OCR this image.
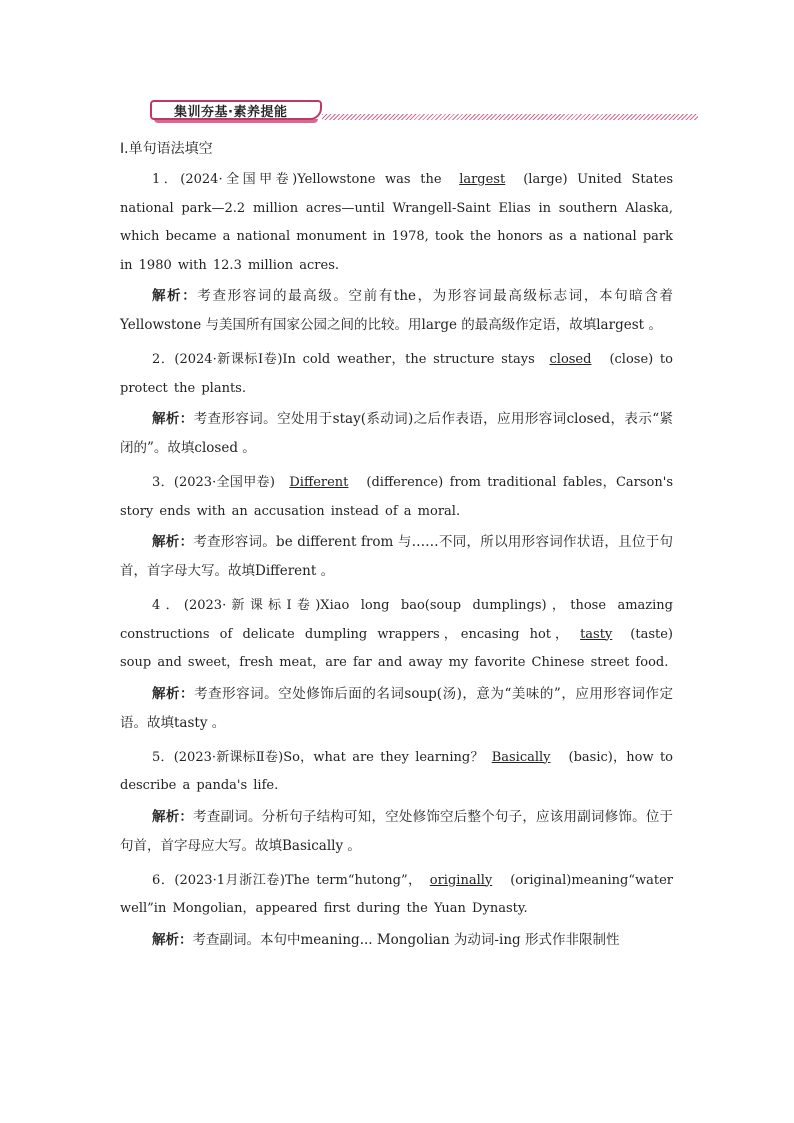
集训夯基·素养提能

Ⅰ.单句语法填空

1．(2024·全国甲卷)Yellowstone was the largest (large) United States national park—2.2 million acres—until Wrangell-Saint Elias in southern Alaska, which became a national monument in 1978, took the honors as a national park in 1980 with 12.3 million acres.

解析：考查形容词的最高级。空前有the，为形容词最高级标志词，本句暗含着Yellowstone 与美国所有国家公园之间的比较。用large 的最高级作定语，故填largest 。

2．(2024·新课标Ⅰ卷)In cold weather，the structure stays closed (close) to protect the plants.

解析：考查形容词。空处用于stay(系动词)之后作表语，应用形容词closed，表示“紧闭的”。故填closed 。

3．(2023·全国甲卷) Different (difference) from traditional fables，Carson's story ends with an accusation instead of a moral.

解析：考查形容词。be different from 与……不同，所以用形容词作状语，且位于句首，首字母大写。故填Different 。

4．(2023·新课标Ⅰ卷)Xiao long bao(soup dumplings)，those amazing constructions of delicate dumpling wrappers，encasing hot， tasty (taste) soup and sweet，fresh meat，are far and away my favorite Chinese street food.

解析：考查形容词。空处修饰后面的名词soup(汤)，意为“美味的”，应用形容词作定语。故填tasty 。

5．(2023·新课标Ⅱ卷)So，what are they learning？ Basically (basic)，how to describe a panda's life.

解析：考查副词。分析句子结构可知，空处修饰空后整个句子，应该用副词修饰。位于句首，首字母应大写。故填Basically 。

6．(2023·1月浙江卷)The term“hutong”， originally (original)meaning“water well”in Mongolian，appeared first during the Yuan Dynasty.

解析：考查副词。本句中meaning... Mongolian 为动词-ing 形式作非限制性
